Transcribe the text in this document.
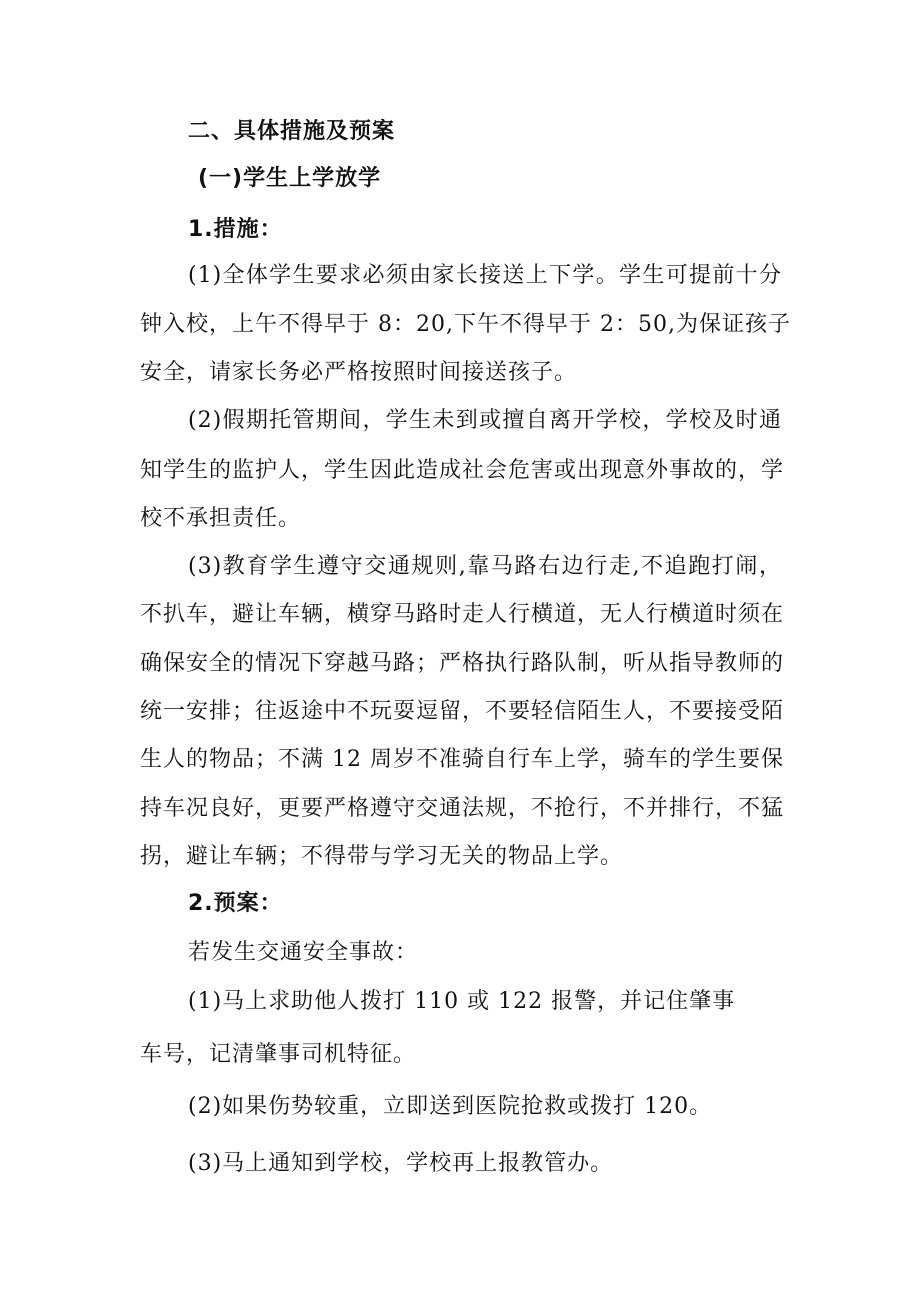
二、具体措施及预案
(一)学生上学放学
1.措施：
(1)全体学生要求必须由家长接送上下学。学生可提前十分
钟入校，上午不得早于 8：20,下午不得早于 2：50,为保证孩子
安全，请家长务必严格按照时间接送孩子。
(2)假期托管期间，学生未到或擅自离开学校，学校及时通
知学生的监护人，学生因此造成社会危害或出现意外事故的，学
校不承担责任。
(3)教育学生遵守交通规则,靠马路右边行走,不追跑打闹，
不扒车，避让车辆，横穿马路时走人行横道，无人行横道时须在
确保安全的情况下穿越马路；严格执行路队制，听从指导教师的
统一安排；往返途中不玩耍逗留，不要轻信陌生人，不要接受陌
生人的物品；不满 12 周岁不准骑自行车上学，骑车的学生要保
持车况良好，更要严格遵守交通法规，不抢行，不并排行，不猛
拐，避让车辆；不得带与学习无关的物品上学。
2.预案：
若发生交通安全事故：
(1)马上求助他人拨打 110 或 122 报警，并记住肇事
车号，记清肇事司机特征。
(2)如果伤势较重，立即送到医院抢救或拨打 120。
(3)马上通知到学校，学校再上报教管办。
